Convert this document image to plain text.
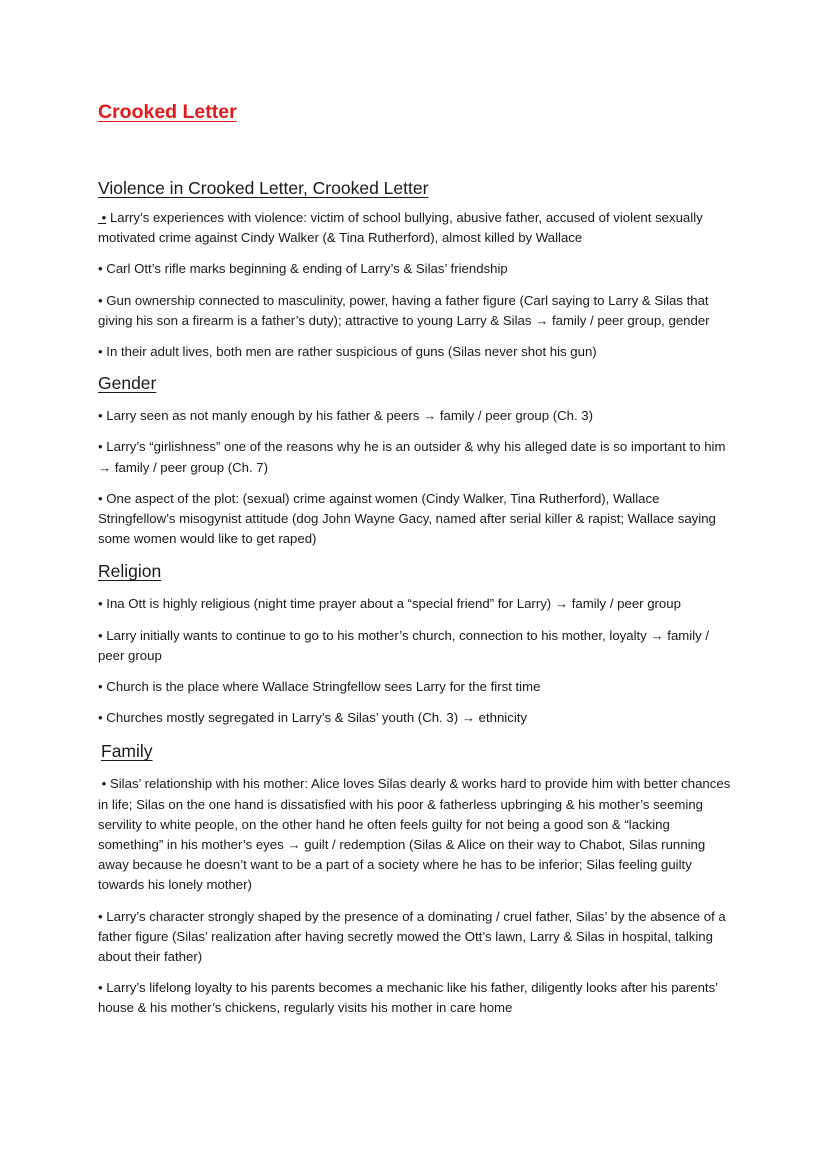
Crooked Letter
Violence in Crooked Letter, Crooked Letter
• Larry’s experiences with violence: victim of school bullying, abusive father, accused of violent sexually motivated crime against Cindy Walker (& Tina Rutherford), almost killed by Wallace
• Carl Ott’s rifle marks beginning & ending of Larry’s & Silas’ friendship
• Gun ownership connected to masculinity, power, having a father figure (Carl saying to Larry & Silas that giving his son a firearm is a father’s duty); attractive to young Larry & Silas → family / peer group, gender
• In their adult lives, both men are rather suspicious of guns (Silas never shot his gun)
Gender
• Larry seen as not manly enough by his father & peers → family / peer group (Ch. 3)
• Larry’s “girlishness” one of the reasons why he is an outsider & why his alleged date is so important to him → family / peer group (Ch. 7)
• One aspect of the plot: (sexual) crime against women (Cindy Walker, Tina Rutherford), Wallace Stringfellow’s misogynist attitude (dog John Wayne Gacy, named after serial killer & rapist; Wallace saying some women would like to get raped)
Religion
• Ina Ott is highly religious (night time prayer about a “special friend” for Larry) → family / peer group
• Larry initially wants to continue to go to his mother’s church, connection to his mother, loyalty → family / peer group
• Church is the place where Wallace Stringfellow sees Larry for the first time
• Churches mostly segregated in Larry’s & Silas’ youth (Ch. 3) → ethnicity
Family
• Silas’ relationship with his mother: Alice loves Silas dearly & works hard to provide him with better chances in life; Silas on the one hand is dissatisfied with his poor & fatherless upbringing & his mother’s seeming servility to white people, on the other hand he often feels guilty for not being a good son & “lacking something” in his mother’s eyes → guilt / redemption (Silas & Alice on their way to Chabot, Silas running away because he doesn’t want to be a part of a society where he has to be inferior; Silas feeling guilty towards his lonely mother)
• Larry’s character strongly shaped by the presence of a dominating / cruel father, Silas’ by the absence of a father figure (Silas’ realization after having secretly mowed the Ott’s lawn, Larry & Silas in hospital, talking about their father)
• Larry’s lifelong loyalty to his parents becomes a mechanic like his father, diligently looks after his parents’ house & his mother’s chickens, regularly visits his mother in care home
